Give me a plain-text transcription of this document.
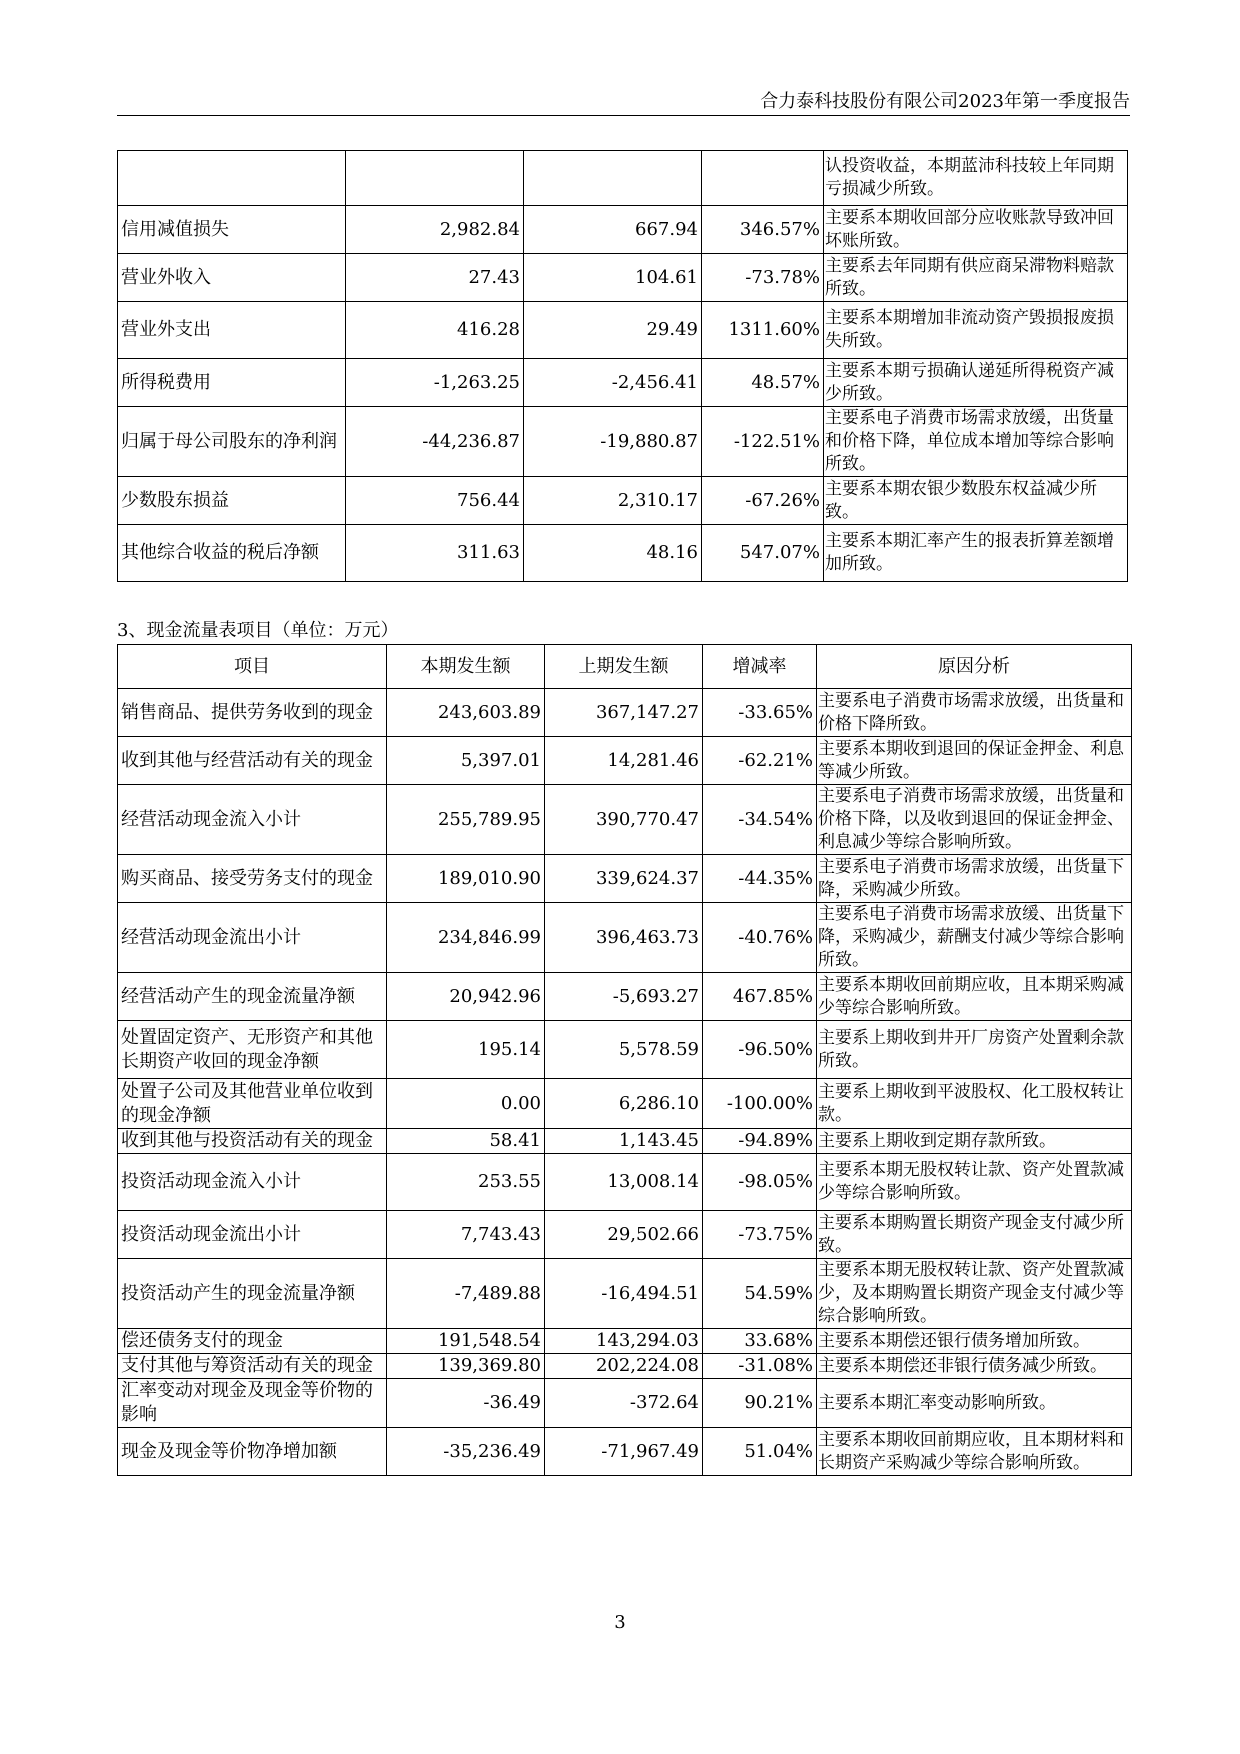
合力泰科技股份有限公司2023年第一季度报告
				认投资收益，本期蓝沛科技较上年同期亏损减少所致。
信用减值损失	2,982.84	667.94	346.57%	主要系本期收回部分应收账款导致冲回坏账所致。
营业外收入	27.43	104.61	-73.78%	主要系去年同期有供应商呆滞物料赔款所致。
营业外支出	416.28	29.49	1311.60%	主要系本期增加非流动资产毁损报废损失所致。
所得税费用	-1,263.25	-2,456.41	48.57%	主要系本期亏损确认递延所得税资产减少所致。
归属于母公司股东的净利润	-44,236.87	-19,880.87	-122.51%	主要系电子消费市场需求放缓，出货量和价格下降，单位成本增加等综合影响所致。
少数股东损益	756.44	2,310.17	-67.26%	主要系本期农银少数股东权益减少所致。
其他综合收益的税后净额	311.63	48.16	547.07%	主要系本期汇率产生的报表折算差额增加所致。
3、现金流量表项目（单位：万元）
项目	本期发生额	上期发生额	增减率	原因分析
销售商品、提供劳务收到的现金	243,603.89	367,147.27	-33.65%	主要系电子消费市场需求放缓，出货量和价格下降所致。
收到其他与经营活动有关的现金	5,397.01	14,281.46	-62.21%	主要系本期收到退回的保证金押金、利息等减少所致。
经营活动现金流入小计	255,789.95	390,770.47	-34.54%	主要系电子消费市场需求放缓，出货量和价格下降，以及收到退回的保证金押金、利息减少等综合影响所致。
购买商品、接受劳务支付的现金	189,010.90	339,624.37	-44.35%	主要系电子消费市场需求放缓，出货量下降，采购减少所致。
经营活动现金流出小计	234,846.99	396,463.73	-40.76%	主要系电子消费市场需求放缓、出货量下降，采购减少，薪酬支付减少等综合影响所致。
经营活动产生的现金流量净额	20,942.96	-5,693.27	467.85%	主要系本期收回前期应收，且本期采购减少等综合影响所致。
处置固定资产、无形资产和其他长期资产收回的现金净额	195.14	5,578.59	-96.50%	主要系上期收到井开厂房资产处置剩余款所致。
处置子公司及其他营业单位收到的现金净额	0.00	6,286.10	-100.00%	主要系上期收到平波股权、化工股权转让款。
收到其他与投资活动有关的现金	58.41	1,143.45	-94.89%	主要系上期收到定期存款所致。
投资活动现金流入小计	253.55	13,008.14	-98.05%	主要系本期无股权转让款、资产处置款减少等综合影响所致。
投资活动现金流出小计	7,743.43	29,502.66	-73.75%	主要系本期购置长期资产现金支付减少所致。
投资活动产生的现金流量净额	-7,489.88	-16,494.51	54.59%	主要系本期无股权转让款、资产处置款减少，及本期购置长期资产现金支付减少等综合影响所致。
偿还债务支付的现金	191,548.54	143,294.03	33.68%	主要系本期偿还银行债务增加所致。
支付其他与筹资活动有关的现金	139,369.80	202,224.08	-31.08%	主要系本期偿还非银行债务减少所致。
汇率变动对现金及现金等价物的影响	-36.49	-372.64	90.21%	主要系本期汇率变动影响所致。
现金及现金等价物净增加额	-35,236.49	-71,967.49	51.04%	主要系本期收回前期应收，且本期材料和长期资产采购减少等综合影响所致。
3
